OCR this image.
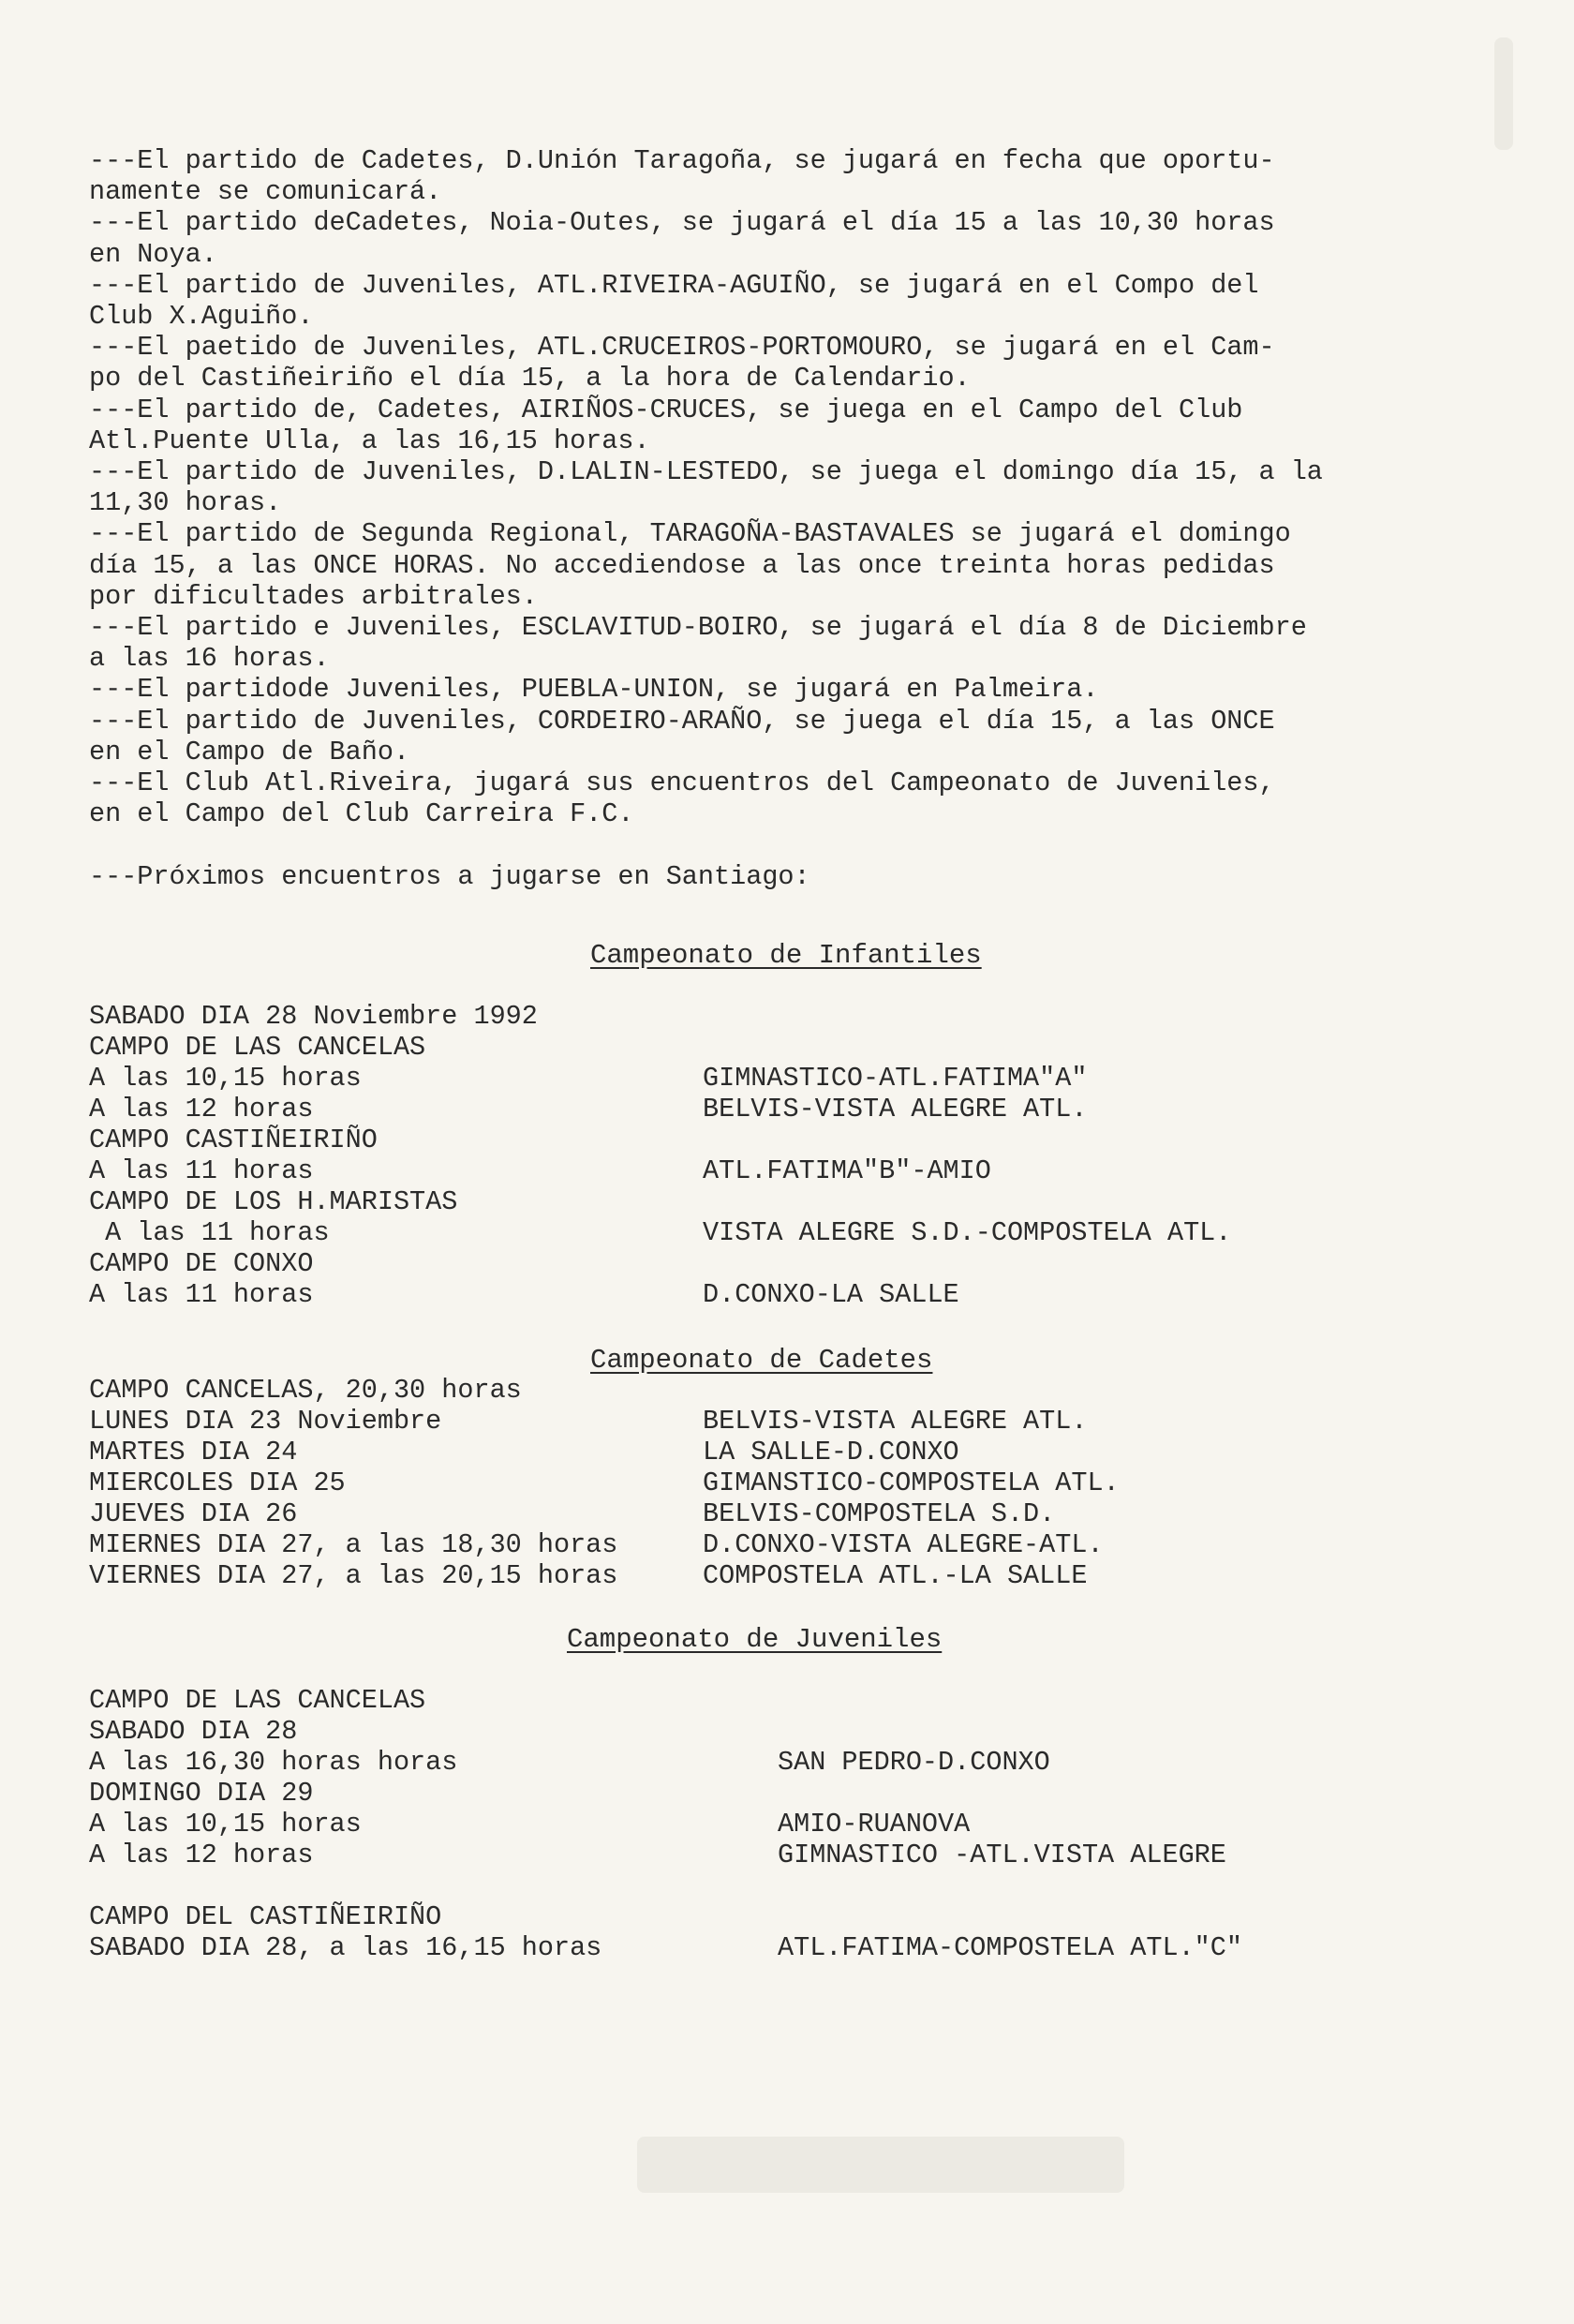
---El partido de Cadetes, D.Unión Taragoña, se jugará en fecha que oportu-
namente se comunicará.
---El partido deCadetes, Noia-Outes, se jugará el día 15 a las 10,30 horas
en Noya.
---El partido de Juveniles, ATL.RIVEIRA-AGUIÑO, se jugará en el Compo del
Club X.Aguiño.
---El paetido de Juveniles, ATL.CRUCEIROS-PORTOMOURO, se jugará en el Cam-
po del Castiñeiriño el día 15, a la hora de Calendario.
---El partido de, Cadetes, AIRIÑOS-CRUCES, se juega en el Campo del Club
Atl.Puente Ulla, a las 16,15 horas.
---El partido de Juveniles, D.LALIN-LESTEDO, se juega el domingo día 15, a la
11,30 horas.
---El partido de Segunda Regional, TARAGOÑA-BASTAVALES se jugará el domingo
día 15, a las ONCE HORAS. No accediendose a las once treinta horas pedidas
por dificultades arbitrales.
---El partido e Juveniles, ESCLAVITUD-BOIRO, se jugará el día 8 de Diciembre
a las 16 horas.
---El partidode Juveniles, PUEBLA-UNION, se jugará en Palmeira.
---El partido de Juveniles, CORDEIRO-ARAÑO, se juega el día 15, a las ONCE
en el Campo de Baño.
---El Club Atl.Riveira, jugará sus encuentros del Campeonato de Juveniles,
en el Campo del Club Carreira F.C.
---Próximos encuentros a jugarse en Santiago:
Campeonato de Infantiles
SABADO DIA 28 Noviembre 1992
CAMPO DE LAS CANCELAS
A las 10,15 horas	GIMNASTICO-ATL.FATIMA"A"
A las 12 horas	BELVIS-VISTA ALEGRE ATL.
CAMPO CASTIÑEIRIÑO
A las 11 horas	ATL.FATIMA"B"-AMIO
CAMPO DE LOS H.MARISTAS
A las 11 horas	VISTA ALEGRE S.D.-COMPOSTELA ATL.
CAMPO DE CONXO
A las 11 horas	D.CONXO-LA SALLE
Campeonato de Cadetes
CAMPO CANCELAS, 20,30 horas
LUNES DIA 23 Noviembre	BELVIS-VISTA ALEGRE ATL.
MARTES DIA 24	LA SALLE-D.CONXO
MIERCOLES DIA 25	GIMANSTICO-COMPOSTELA ATL.
JUEVES DIA 26	BELVIS-COMPOSTELA S.D.
MIERNES DIA 27, a las 18,30 horas	D.CONXO-VISTA ALEGRE-ATL.
VIERNES DIA 27, a las 20,15 horas	COMPOSTELA ATL.-LA SALLE
Campeonato de Juveniles
CAMPO DE LAS CANCELAS
SABADO DIA 28
A las 16,30 horas horas	SAN PEDRO-D.CONXO
DOMINGO DIA 29
A las 10,15 horas	AMIO-RUANOVA
A las 12 horas	GIMNASTICO -ATL.VISTA ALEGRE
CAMPO DEL CASTIÑEIRIÑO
SABADO DIA 28, a las 16,15 horas	ATL.FATIMA-COMPOSTELA ATL."C"
